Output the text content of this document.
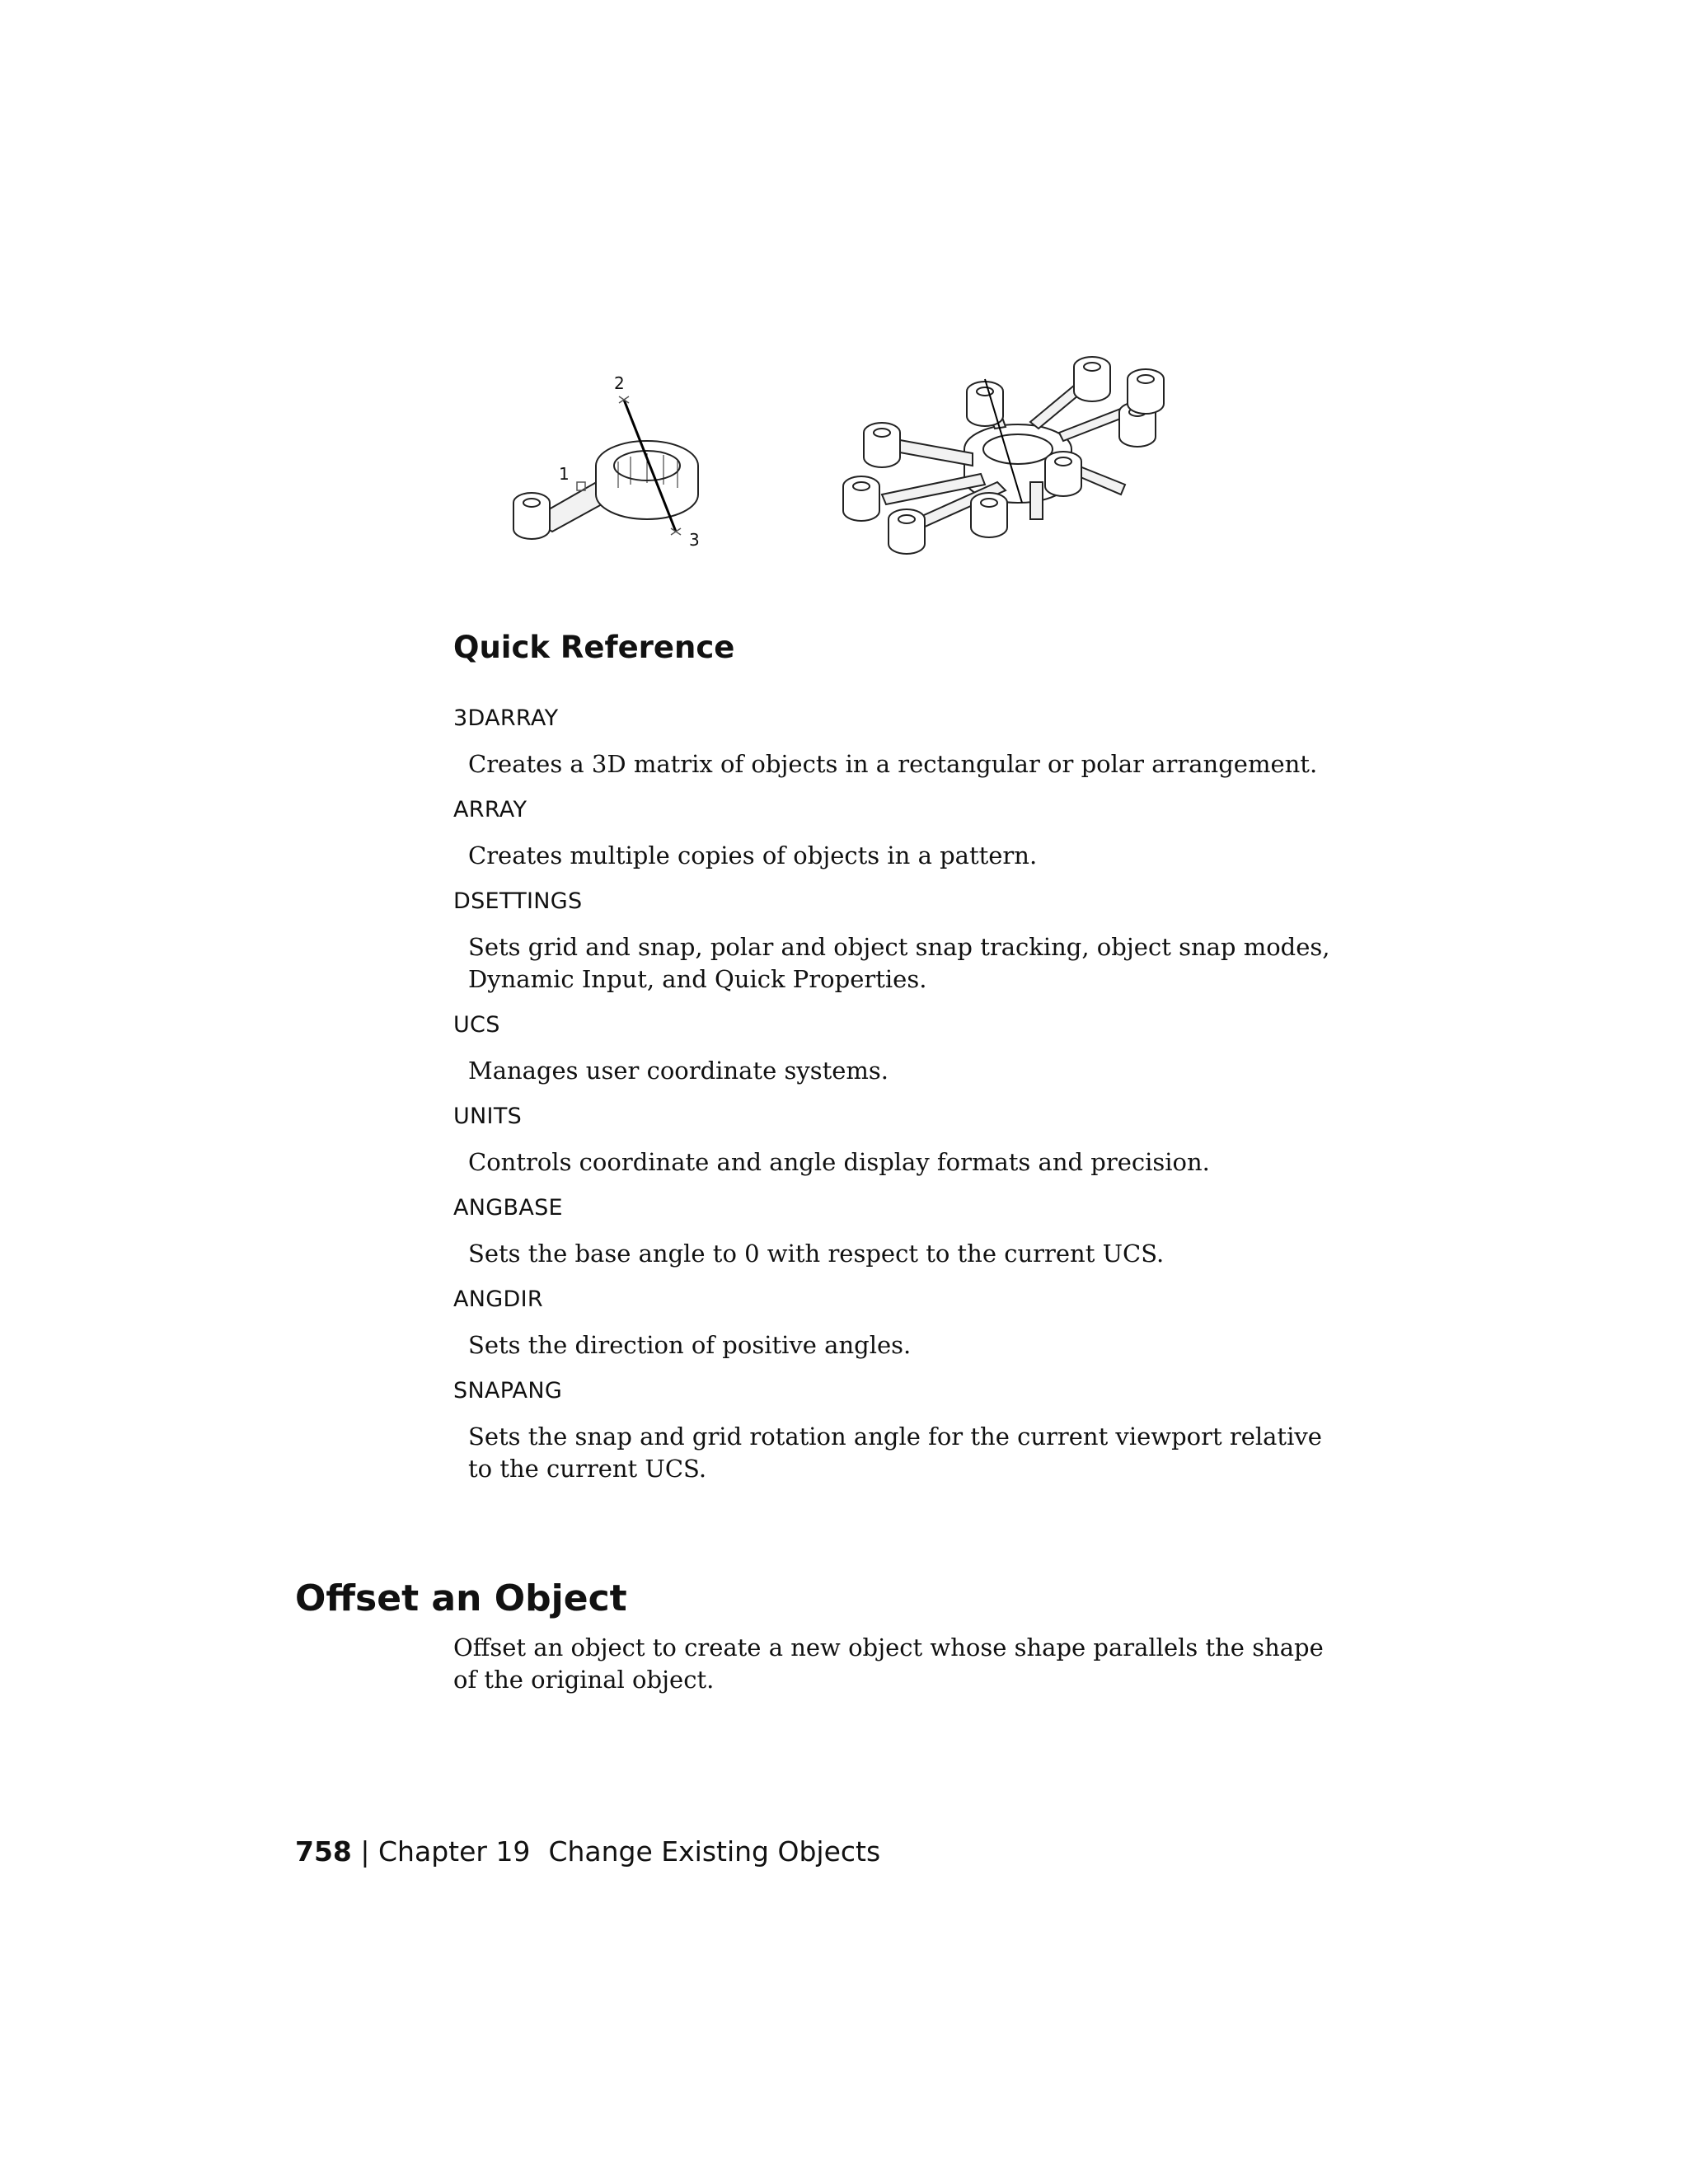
2
1
3
Quick Reference
3DARRAY

Creates a 3D matrix of objects in a rectangular or polar arrangement.

ARRAY

Creates multiple copies of objects in a pattern.

DSETTINGS

Sets grid and snap, polar and object snap tracking, object snap modes, Dynamic Input, and Quick Properties.

UCS

Manages user coordinate systems.

UNITS

Controls coordinate and angle display formats and precision.

ANGBASE

Sets the base angle to 0 with respect to the current UCS.

ANGDIR

Sets the direction of positive angles.

SNAPANG

Sets the snap and grid rotation angle for the current viewport relative to the current UCS.

Offset an Object

Offset an object to create a new object whose shape parallels the shape of the original object.

758 | Chapter 19 Change Existing Objects
